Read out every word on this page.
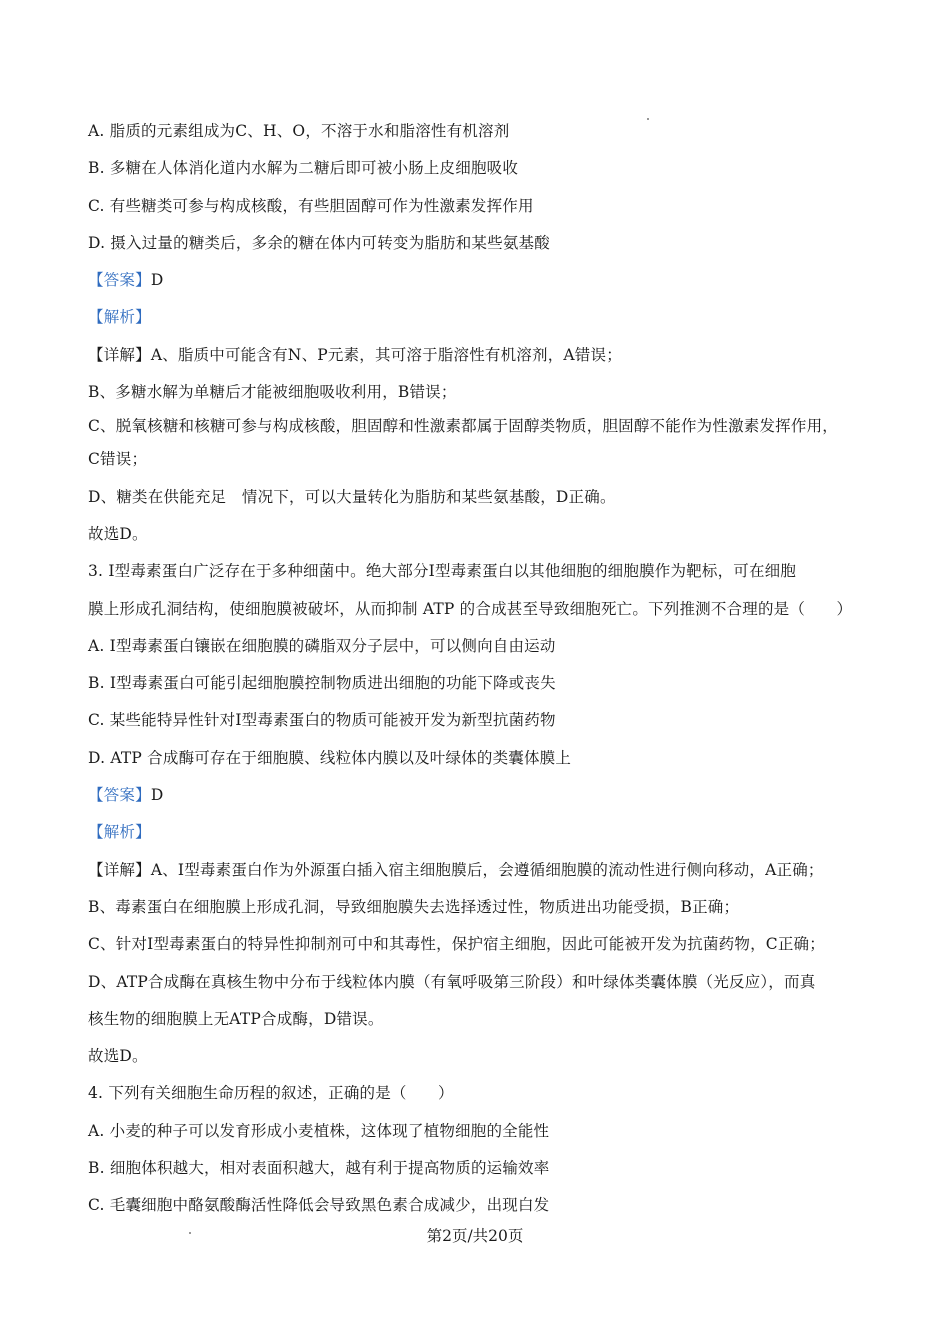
A. 脂质的元素组成为C、H、O，不溶于水和脂溶性有机溶剂
B. 多糖在人体消化道内水解为二糖后即可被小肠上皮细胞吸收
C. 有些糖类可参与构成核酸，有些胆固醇可作为性激素发挥作用
D. 摄入过量的糖类后，多余的糖在体内可转变为脂肪和某些氨基酸
【答案】D
【解析】
【详解】A、脂质中可能含有N、P元素，其可溶于脂溶性有机溶剂，A错误；
B、多糖水解为单糖后才能被细胞吸收利用，B错误；
C、脱氧核糖和核糖可参与构成核酸，胆固醇和性激素都属于固醇类物质，胆固醇不能作为性激素发挥作用，
C错误；
D、糖类在供能充足　情况下，可以大量转化为脂肪和某些氨基酸，D正确。
故选D。
3. Ⅰ型毒素蛋白广泛存在于多种细菌中。绝大部分Ⅰ型毒素蛋白以其他细胞的细胞膜作为靶标，可在细胞
膜上形成孔洞结构，使细胞膜被破坏，从而抑制 ATP 的合成甚至导致细胞死亡。下列推测不合理的是（　　）
A. Ⅰ型毒素蛋白镶嵌在细胞膜的磷脂双分子层中，可以侧向自由运动
B. Ⅰ型毒素蛋白可能引起细胞膜控制物质进出细胞的功能下降或丧失
C. 某些能特异性针对Ⅰ型毒素蛋白的物质可能被开发为新型抗菌药物
D. ATP 合成酶可存在于细胞膜、线粒体内膜以及叶绿体的类囊体膜上
【答案】D
【解析】
【详解】A、Ⅰ型毒素蛋白作为外源蛋白插入宿主细胞膜后，会遵循细胞膜的流动性进行侧向移动，A正确；
B、毒素蛋白在细胞膜上形成孔洞，导致细胞膜失去选择透过性，物质进出功能受损，B正确；
C、针对Ⅰ型毒素蛋白的特异性抑制剂可中和其毒性，保护宿主细胞，因此可能被开发为抗菌药物，C正确；
D、ATP合成酶在真核生物中分布于线粒体内膜（有氧呼吸第三阶段）和叶绿体类囊体膜（光反应），而真
核生物的细胞膜上无ATP合成酶，D错误。
故选D。
4. 下列有关细胞生命历程的叙述，正确的是（　　）
A. 小麦的种子可以发育形成小麦植株，这体现了植物细胞的全能性
B. 细胞体积越大，相对表面积越大，越有利于提高物质的运输效率
C. 毛囊细胞中酪氨酸酶活性降低会导致黑色素合成减少，出现白发
第2页/共20页
